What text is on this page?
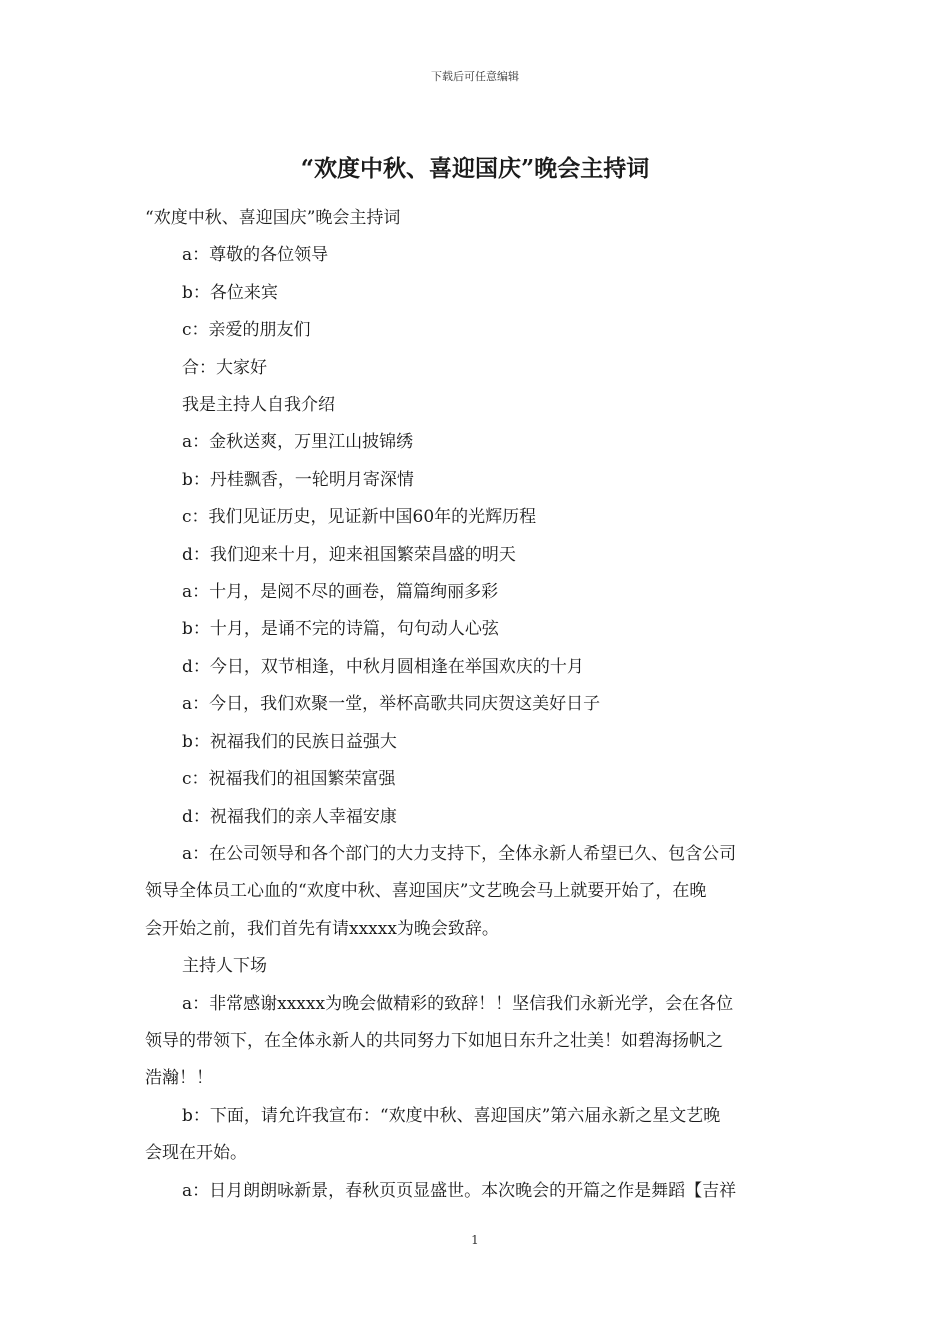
下载后可任意编辑
“欢度中秋、喜迎国庆”晚会主持词

“欢度中秋、喜迎国庆”晚会主持词

a：尊敬的各位领导

b：各位来宾

c：亲爱的朋友们

合：大家好

我是主持人自我介绍

a：金秋送爽，万里江山披锦绣

b：丹桂飘香，一轮明月寄深情

c：我们见证历史，见证新中国60年的光辉历程

d：我们迎来十月，迎来祖国繁荣昌盛的明天

a：十月，是阅不尽的画卷，篇篇绚丽多彩

b：十月，是诵不完的诗篇，句句动人心弦

d：今日，双节相逢，中秋月圆相逢在举国欢庆的十月

a：今日，我们欢聚一堂，举杯高歌共同庆贺这美好日子

b：祝福我们的民族日益强大

c：祝福我们的祖国繁荣富强

d：祝福我们的亲人幸福安康

a：在公司领导和各个部门的大力支持下，全体永新人希望已久、包含公司

领导全体员工心血的“欢度中秋、喜迎国庆”文艺晚会马上就要开始了，在晚

会开始之前，我们首先有请xxxxx为晚会致辞。

主持人下场

a：非常感谢xxxxx为晚会做精彩的致辞！！坚信我们永新光学，会在各位

领导的带领下，在全体永新人的共同努力下如旭日东升之壮美！如碧海扬帆之

浩瀚！！

b：下面，请允许我宣布：“欢度中秋、喜迎国庆”第六届永新之星文艺晚

会现在开始。

a：日月朗朗咏新景，春秋页页显盛世。本次晚会的开篇之作是舞蹈【吉祥

1
